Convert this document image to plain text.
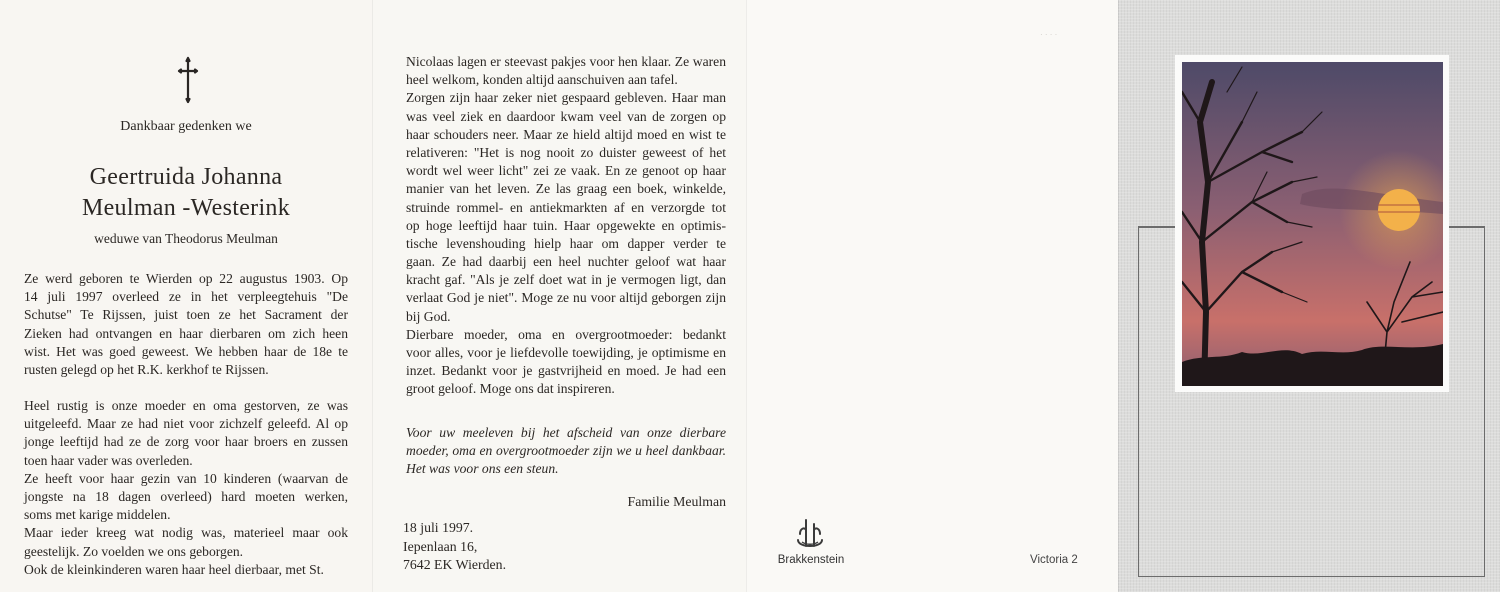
Dankbaar gedenken we
Geertruida Johanna
Meulman -Westerink
weduwe van Theodorus Meulman
Ze werd geboren te Wierden op 22 augustus 1903. Op
14 juli 1997 overleed ze in het verpleegtehuis "De
Schutse" Te Rijssen, juist toen ze het Sacrament der
Zieken had ontvangen en haar dierbaren om zich heen
wist. Het was goed geweest. We hebben haar de 18e te
rusten gelegd op het R.K. kerkhof te Rijssen.
Heel rustig is onze moeder en oma gestorven, ze was
uitgeleefd. Maar ze had niet voor zichzelf geleefd. Al op
jonge leeftijd had ze de zorg voor haar broers en zussen
toen haar vader was overleden.
Ze heeft voor haar gezin van 10 kinderen (waarvan de
jongste na 18 dagen overleed) hard moeten werken,
soms met karige middelen.
Maar ieder kreeg wat nodig was, materieel maar ook
geestelijk. Zo voelden we ons geborgen.
Ook de kleinkinderen waren haar heel dierbaar, met St.
Nicolaas lagen er steevast pakjes voor hen klaar. Ze waren
heel welkom, konden altijd aanschuiven aan tafel.
Zorgen zijn haar zeker niet gespaard gebleven. Haar man
was veel ziek en daardoor kwam veel van de zorgen op
haar schouders neer. Maar ze hield altijd moed en wist te
relativeren: "Het is nog nooit zo duister geweest of het
wordt wel weer licht" zei ze vaak. En ze genoot op haar
manier van het leven. Ze las graag een boek, winkelde,
struinde rommel- en antiekmarkten af en verzorgde tot
op hoge leeftijd haar tuin. Haar opgewekte en optimis-
tische levenshouding hielp haar om dapper verder te
gaan. Ze had daarbij een heel nuchter geloof wat haar
kracht gaf. "Als je zelf doet wat in je vermogen ligt, dan
verlaat God je niet". Moge ze nu voor altijd geborgen zijn
bij God.
Dierbare moeder, oma en overgrootmoeder: bedankt
voor alles, voor je liefdevolle toewijding, je optimisme en
inzet. Bedankt voor je gastvrijheid en moed. Je had een
groot geloof. Moge ons dat inspireren.
Voor uw meeleven bij het afscheid van onze dierbare
moeder, oma en overgrootmoeder zijn we u heel dankbaar.
Het was voor ons een steun.
Familie Meulman
18 juli 1997.
Iepenlaan 16,
7642 EK Wierden.
· · · ·
Brakkenstein	Victoria 2
